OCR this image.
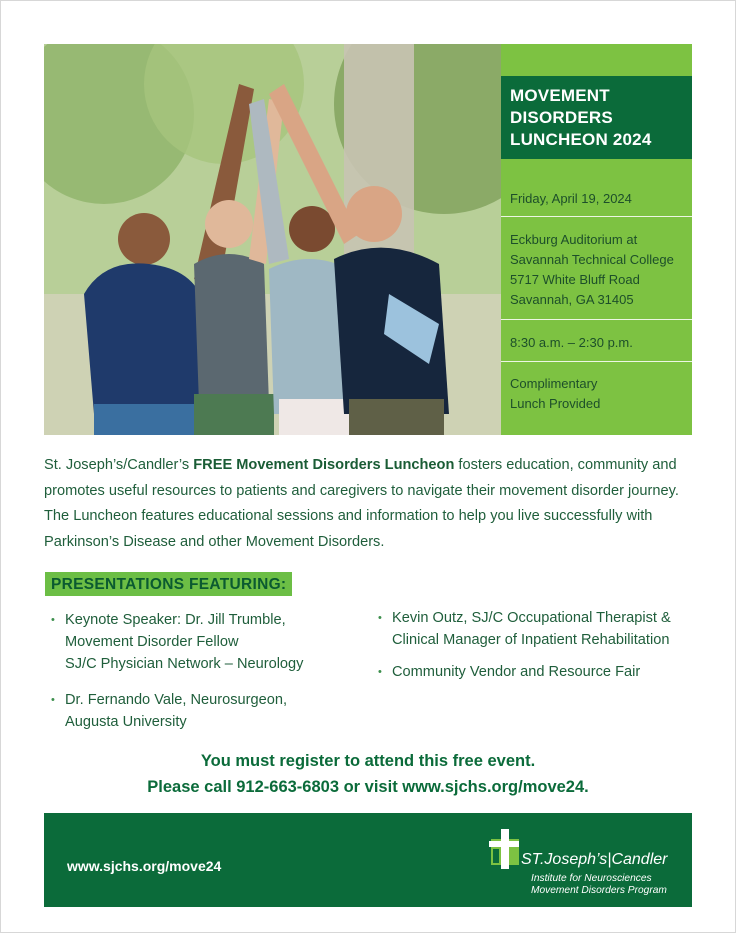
MOVEMENT
DISORDERS
LUNCHEON 2024
Friday, April 19, 2024
Eckburg Auditorium at
Savannah Technical College
5717 White Bluff Road
Savannah, GA 31405
8:30 a.m. – 2:30 p.m.
Complimentary
Lunch Provided
St. Joseph’s/Candler’s FREE Movement Disorders Luncheon fosters education, community and promotes useful resources to patients and caregivers to navigate their movement disorder journey. The Luncheon features educational sessions and information to help you live successfully with Parkinson’s Disease and other Movement Disorders.
PRESENTATIONS FEATURING:
• Keynote Speaker: Dr. Jill Trumble,
Movement Disorder Fellow
SJ/C Physician Network – Neurology
• Dr. Fernando Vale, Neurosurgeon,
Augusta University
• Kevin Outz, SJ/C Occupational Therapist &
Clinical Manager of Inpatient Rehabilitation
• Community Vendor and Resource Fair
You must register to attend this free event.
Please call 912-663-6803 or visit www.sjchs.org/move24.
www.sjchs.org/move24	ST.Joseph’s|Candler
Institute for Neurosciences
Movement Disorders Program
